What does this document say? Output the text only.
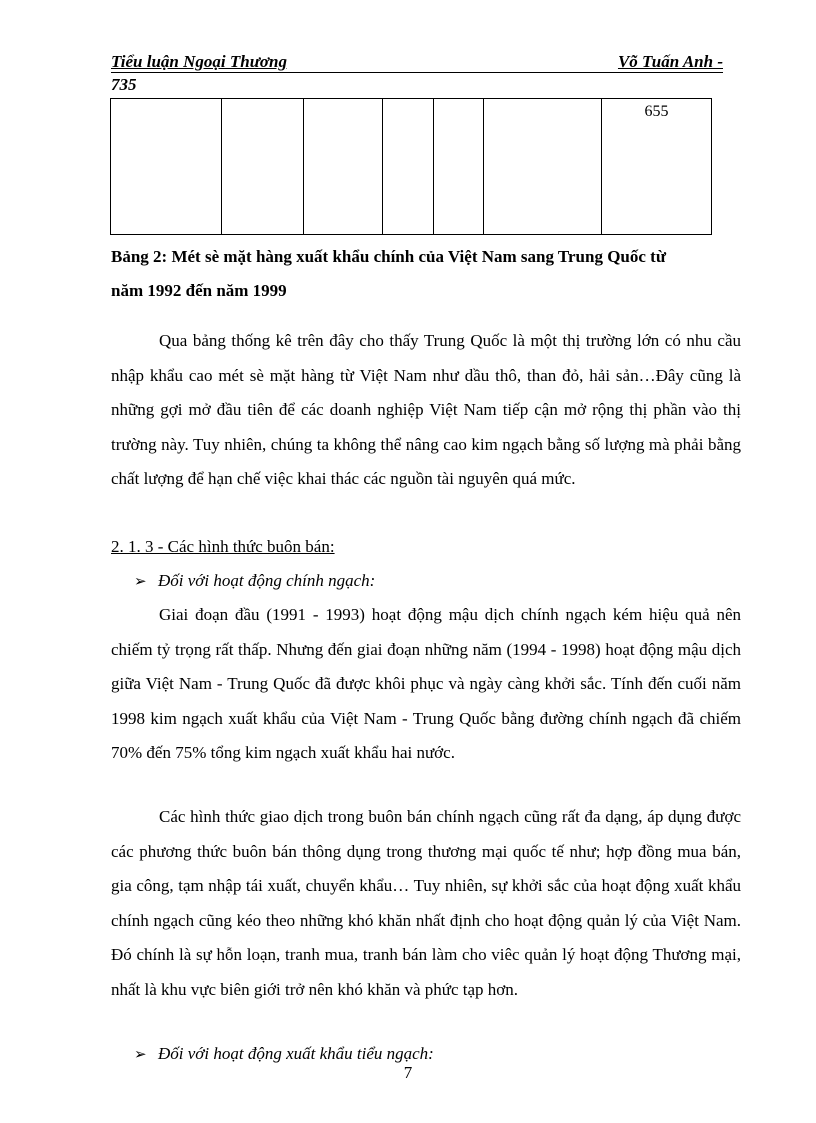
Tiểu luận Ngoại Thương	Võ Tuấn Anh -
735
						655
Bảng 2: Mét sè mặt hàng xuất khẩu chính của Việt Nam sang Trung Quốc từ
năm 1992 đến năm 1999

Qua bảng thống kê trên đây cho thấy Trung Quốc là một thị trường lớn có nhu cầu nhập khẩu cao mét sè mặt hàng từ Việt Nam như dầu thô, than đỏ, hải sản…Đây cũng là những gợi mở đầu tiên để các doanh nghiệp Việt Nam tiếp cận mở rộng thị phần vào thị trường này. Tuy nhiên, chúng ta không thể nâng cao kim ngạch bằng số lượng mà phải bằng chất lượng để hạn chế việc khai thác các nguồn tài nguyên quá mức.

2. 1. 3 - Các hình thức buôn bán:
➢ Đối với hoạt động chính ngạch:

Giai đoạn đầu (1991 - 1993) hoạt động mậu dịch chính ngạch kém hiệu quả nên chiếm tỷ trọng rất thấp. Nhưng đến giai đoạn những năm (1994 - 1998) hoạt động mậu dịch giữa Việt Nam - Trung Quốc đã được khôi phục và ngày càng khởi sắc. Tính đến cuối năm 1998 kim ngạch xuất khẩu của Việt Nam - Trung Quốc bằng đường chính ngạch đã chiếm 70% đến 75% tổng kim ngạch xuất khẩu hai nước.

Các hình thức giao dịch trong buôn bán chính ngạch cũng rất đa dạng, áp dụng được các phương thức buôn bán thông dụng trong thương mại quốc tế như; hợp đồng mua bán, gia công, tạm nhập tái xuất, chuyển khẩu… Tuy nhiên, sự khởi sắc của hoạt động xuất khẩu chính ngạch cũng kéo theo những khó khăn nhất định cho hoạt động quản lý của Việt Nam. Đó chính là sự hỗn loạn, tranh mua, tranh bán làm cho viêc quản lý hoạt động Thương mại, nhất là khu vực biên giới trở nên khó khăn và phức tạp hơn.

➢ Đối với hoạt động xuất khẩu tiểu ngạch:
7
